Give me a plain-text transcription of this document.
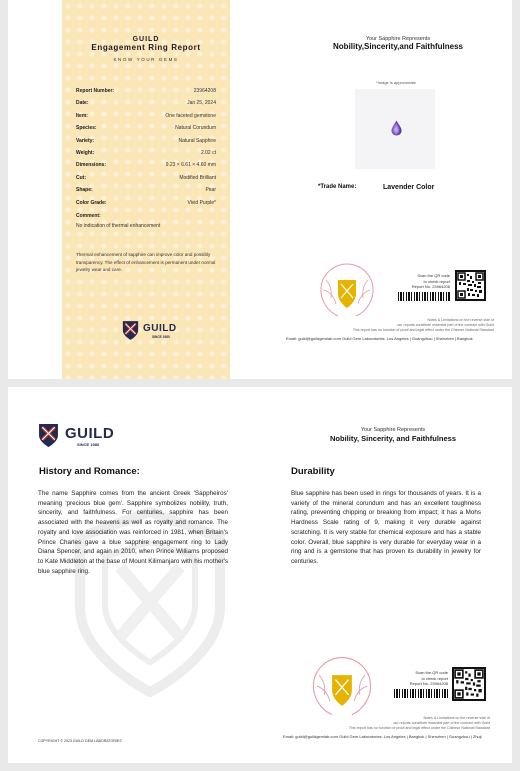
GUILD
Engagement Ring Report
KNOW YOUR GEMS
Report Number:	23964208
Date:	Jan 25, 2024
Item:	One faceted gemstone
Species:	Natural Corundum
Variety:	Natural Sapphire
Weight:	2.02 ct
Dimensions:	9.23 × 6.61 × 4.60 mm
Cut:	Modified Brilliant
Shape:	Pear
Color Grade:	Vivid Purple*
Comment:
No indication of thermal enhancement
Thermal enhancement of sapphire can improve color and possibly transparency. The effect of enhancement is permanent under normal jewelry wear and care.
GUILD
SINCE 1980
Your Sapphire Represents
Nobility,Sincerity,and Faithfulness
*Image is approximate
*Trade Name:	Lavender Color
Scan the QR code
to check report
Report No. 23964208
Notes & Limitations on the reverse side of
our reports constitute essential part of the contract with Guild
This report has no function of proof and legal effect under the Chinese National Standard
Email: guild@guildgemlab.com Guild Gem Laboratories: Los Angeles | Guangzhou | Shenzhen | Bangkok
GUILD
SINCE 1980
Your Sapphire Represents
Nobility, Sincerity, and Faithfulness
History and Romance:
The name Sapphire comes from the ancient Greek 'Sappheiros' meaning 'precious blue gem'. Sapphire symbolizes nobility, truth, sincerity, and faithfulness. For centuries, sapphire has been associated with the heavens as well as royalty and romance. The royalty and love association was reinforced in 1981, when Britain's Prince Charles gave a blue sapphire engagement ring to Lady Diana Spencer, and again in 2010, when Prince Williams proposed to Kate Middleton at the base of Mount Kilimanjaro with his mother's blue sapphire ring.
Durability
Blue sapphire has been used in rings for thousands of years. It is a variety of the mineral corundum and has an excellent toughness rating, preventing chipping or breaking from impact; it has a Mohs Hardness Scale rating of 9, making it very durable against scratching. It is very stable for chemical exposure and has a stable color. Overall, blue sapphire is very durable for everyday wear in a ring and is a gemstone that has proven its durability in jewelry for centuries.
Scan the QR code
to check report
Report No. 23964208
Notes & Limitations on the reverse side of
our reports constitute essential part of the contract with Guild
This report has no function of proof and legal effect under the Chinese National Standard
Email: guild@guildgemlab.com Guild Gem Laboratories: Los Angeles | Bangkok | Shenzhen | Guangzhou | Zhuji
COPYRIGHT © 2023 GUILD GEM LABORATORIES
